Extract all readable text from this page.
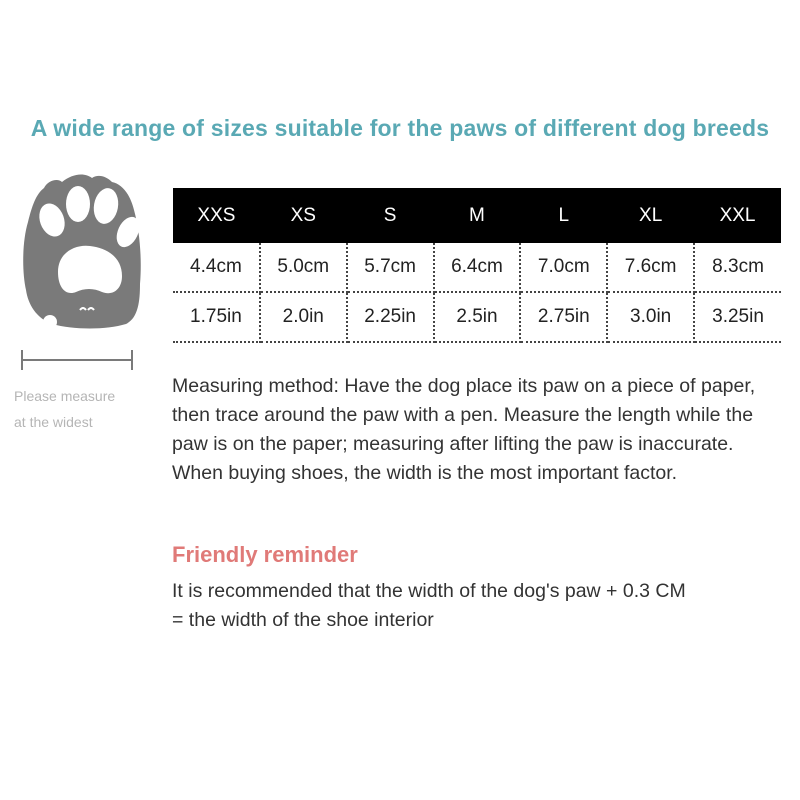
A wide range of sizes suitable for the paws of different dog breeds
Please measure
at the widest
XXS	XS	S	M	L	XL	XXL
4.4cm	5.0cm	5.7cm	6.4cm	7.0cm	7.6cm	8.3cm
1.75in	2.0in	2.25in	2.5in	2.75in	3.0in	3.25in
Measuring method: Have the dog place its paw on a piece of paper, then trace around the paw with a pen. Measure the length while the paw is on the paper; measuring after lifting the paw is inaccurate. When buying shoes, the width is the most important factor.
Friendly reminder
It is recommended that the width of the dog's paw + 0.3 CM
= the width of the shoe interior
